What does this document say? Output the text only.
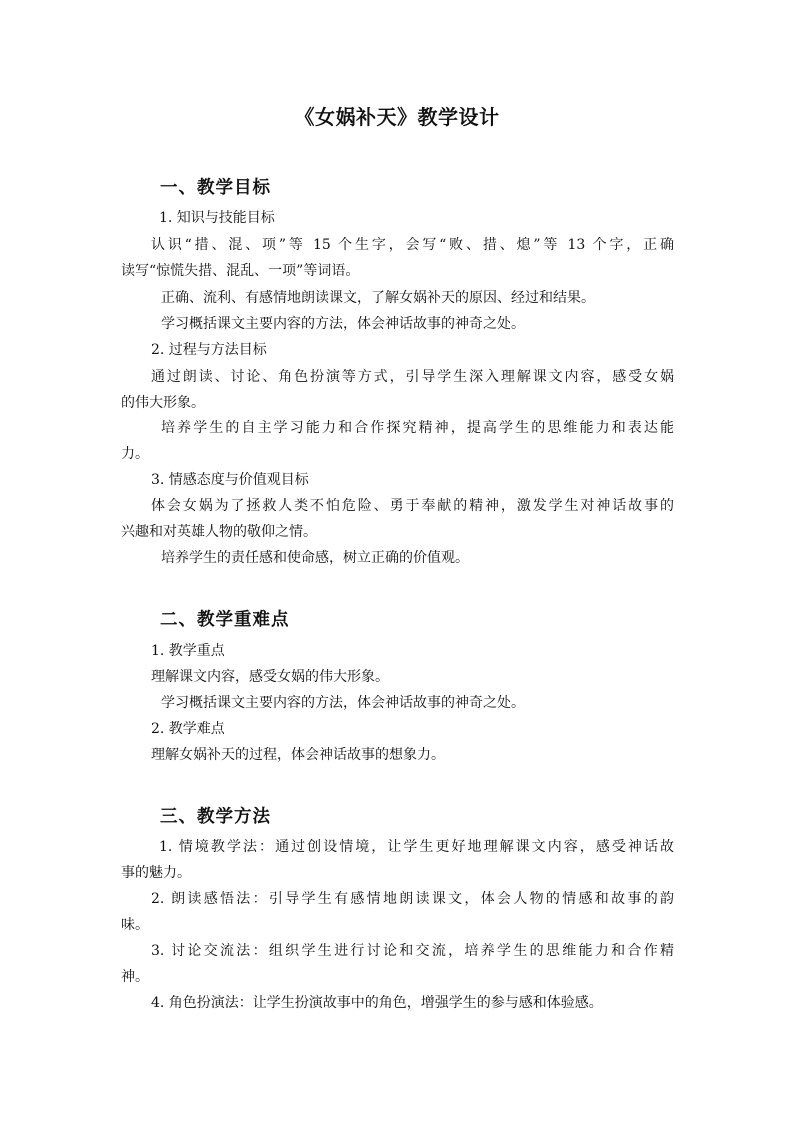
《女娲补天》教学设计
一、教学目标
1. 知识与技能目标
认识“措、混、项”等 15 个生字，会写“败、措、熄”等 13 个字，正确
读写“惊慌失措、混乱、一项”等词语。
正确、流利、有感情地朗读课文，了解女娲补天的原因、经过和结果。
学习概括课文主要内容的方法，体会神话故事的神奇之处。
2. 过程与方法目标
通过朗读、讨论、角色扮演等方式，引导学生深入理解课文内容，感受女娲
的伟大形象。
培养学生的自主学习能力和合作探究精神，提高学生的思维能力和表达能
力。
3. 情感态度与价值观目标
体会女娲为了拯救人类不怕危险、勇于奉献的精神，激发学生对神话故事的
兴趣和对英雄人物的敬仰之情。
培养学生的责任感和使命感，树立正确的价值观。
二、教学重难点
1. 教学重点
理解课文内容，感受女娲的伟大形象。
学习概括课文主要内容的方法，体会神话故事的神奇之处。
2. 教学难点
理解女娲补天的过程，体会神话故事的想象力。
三、教学方法
1. 情境教学法：通过创设情境，让学生更好地理解课文内容，感受神话故
事的魅力。
2. 朗读感悟法：引导学生有感情地朗读课文，体会人物的情感和故事的韵
味。
3. 讨论交流法：组织学生进行讨论和交流，培养学生的思维能力和合作精
神。
4. 角色扮演法：让学生扮演故事中的角色，增强学生的参与感和体验感。
